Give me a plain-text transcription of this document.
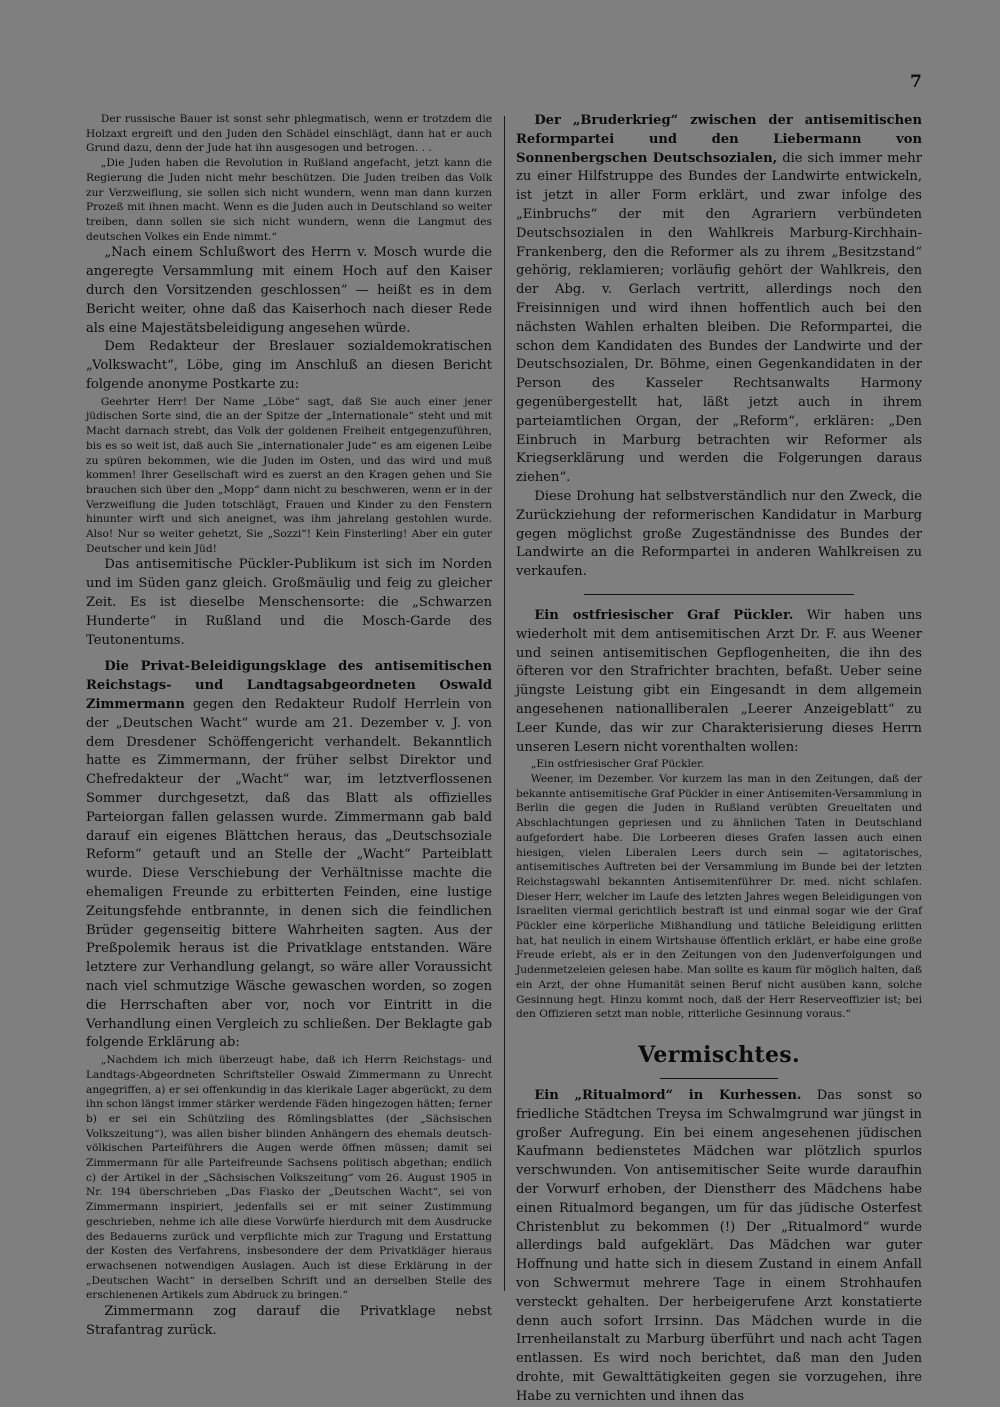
7

Der russische Bauer ist sonst sehr phlegmatisch, wenn er trotzdem die Holzaxt ergreift und den Juden den Schädel einschlägt, dann hat er auch Grund dazu, denn der Jude hat ihn ausgesogen und betrogen. . .

„Die Juden haben die Revolution in Rußland angefacht, jetzt kann die Regierung die Juden nicht mehr beschützen. Die Juden treiben das Volk zur Verzweiflung, sie sollen sich nicht wundern, wenn man dann kurzen Prozeß mit ihnen macht. Wenn es die Juden auch in Deutschland so weiter treiben, dann sollen sie sich nicht wundern, wenn die Langmut des deutschen Volkes ein Ende nimmt.“

„Nach einem Schlußwort des Herrn v. Mosch wurde die angeregte Versammlung mit einem Hoch auf den Kaiser durch den Vorsitzenden geschlossen“ — heißt es in dem Bericht weiter, ohne daß das Kaiserhoch nach dieser Rede als eine Majestätsbeleidigung angesehen würde.

Dem Redakteur der Breslauer sozialdemokratischen „Volkswacht“, Löbe, ging im Anschluß an diesen Bericht folgende anonyme Postkarte zu:

Geehrter Herr! Der Name „Löbe“ sagt, daß Sie auch einer jener jüdischen Sorte sind, die an der Spitze der „Internationale“ steht und mit Macht darnach strebt, das Volk der goldenen Freiheit entgegenzuführen, bis es so weit ist, daß auch Sie „internationaler Jude“ es am eigenen Leibe zu spüren bekommen, wie die Juden im Osten, und das wird und muß kommen! Ihrer Gesellschaft wird es zuerst an den Kragen gehen und Sie brauchen sich über den „Mopp“ dann nicht zu beschweren, wenn er in der Verzweiflung die Juden totschlägt, Frauen und Kinder zu den Fenstern hinunter wirft und sich aneignet, was ihm jahrelang gestohlen wurde. Also! Nur so weiter gehetzt, Sie „Sozzi“! Kein Finsterling! Aber ein guter Deutscher und kein Jüd!

Das antisemitische Pückler-Publikum ist sich im Norden und im Süden ganz gleich. Großmäulig und feig zu gleicher Zeit. Es ist dieselbe Menschensorte: die „Schwarzen Hunderte“ in Rußland und die Mosch-Garde des Teutonentums.

Die Privat-Beleidigungsklage des antisemitischen Reichstags- und Landtagsabgeordneten Oswald Zimmermann gegen den Redakteur Rudolf Herrlein von der „Deutschen Wacht“ wurde am 21. Dezember v. J. von dem Dresdener Schöffengericht verhandelt. Bekanntlich hatte es Zimmermann, der früher selbst Direktor und Chefredakteur der „Wacht“ war, im letztverflossenen Sommer durchgesetzt, daß das Blatt als offizielles Parteiorgan fallen gelassen wurde. Zimmermann gab bald darauf ein eigenes Blättchen heraus, das „Deutschsoziale Reform“ getauft und an Stelle der „Wacht“ Parteiblatt wurde. Diese Verschiebung der Verhältnisse machte die ehemaligen Freunde zu erbitterten Feinden, eine lustige Zeitungsfehde entbrannte, in denen sich die feindlichen Brüder gegenseitig bittere Wahrheiten sagten. Aus der Preßpolemik heraus ist die Privatklage entstanden. Wäre letztere zur Verhandlung gelangt, so wäre aller Voraussicht nach viel schmutzige Wäsche gewaschen worden, so zogen die Herrschaften aber vor, noch vor Eintritt in die Verhandlung einen Vergleich zu schließen. Der Beklagte gab folgende Erklärung ab:

„Nachdem ich mich überzeugt habe, daß ich Herrn Reichstags- und Landtags-Abgeordneten Schriftsteller Oswald Zimmermann zu Unrecht angegriffen, a) er sei offenkundig in das klerikale Lager abgerückt, zu dem ihn schon längst immer stärker werdende Fäden hingezogen hätten; ferner b) er sei ein Schützling des Römlingsblattes (der „Sächsischen Volkszeitung“), was allen bisher blinden Anhängern des ehemals deutsch-völkischen Parteiführers die Augen werde öffnen müssen; damit sei Zimmermann für alle Parteifreunde Sachsens politisch abgethan; endlich c) der Artikel in der „Sächsischen Volkszeitung“ vom 26. August 1905 in Nr. 194 überschrieben „Das Fiasko der „Deutschen Wacht“, sei von Zimmermann inspiriert, jedenfalls sei er mit seiner Zustimmung geschrieben, nehme ich alle diese Vorwürfe hierdurch mit dem Ausdrucke des Bedauerns zurück und verpflichte mich zur Tragung und Erstattung der Kosten des Verfahrens, insbesondere der dem Privatkläger hieraus erwachsenen notwendigen Auslagen. Auch ist diese Erklärung in der „Deutschen Wacht“ in derselben Schrift und an derselben Stelle des erschienenen Artikels zum Abdruck zu bringen.“

Zimmermann zog darauf die Privatklage nebst Strafantrag zurück.

Der „Bruderkrieg“ zwischen der antisemitischen Reformpartei und den Liebermann von Sonnenbergschen Deutschsozialen, die sich immer mehr zu einer Hilfstruppe des Bundes der Landwirte entwickeln, ist jetzt in aller Form erklärt, und zwar infolge des „Einbruchs“ der mit den Agrariern verbündeten Deutschsozialen in den Wahlkreis Marburg-Kirchhain-Frankenberg, den die Reformer als zu ihrem „Besitzstand“ gehörig, reklamieren; vorläufig gehört der Wahlkreis, den der Abg. v. Gerlach vertritt, allerdings noch den Freisinnigen und wird ihnen hoffentlich auch bei den nächsten Wahlen erhalten bleiben. Die Reformpartei, die schon dem Kandidaten des Bundes der Landwirte und der Deutschsozialen, Dr. Böhme, einen Gegenkandidaten in der Person des Kasseler Rechtsanwalts Harmony gegenübergestellt hat, läßt jetzt auch in ihrem parteiamtlichen Organ, der „Reform“, erklären: „Den Einbruch in Marburg betrachten wir Reformer als Kriegserklärung und werden die Folgerungen daraus ziehen“.

Diese Drohung hat selbstverständlich nur den Zweck, die Zurückziehung der reformerischen Kandidatur in Marburg gegen möglichst große Zugeständnisse des Bundes der Landwirte an die Reformpartei in anderen Wahlkreisen zu verkaufen.

Ein ostfriesischer Graf Pückler. Wir haben uns wiederholt mit dem antisemitischen Arzt Dr. F. aus Weener und seinen antisemitischen Gepflogenheiten, die ihn des öfteren vor den Strafrichter brachten, befaßt. Ueber seine jüngste Leistung gibt ein Eingesandt in dem allgemein angesehenen nationalliberalen „Leerer Anzeigeblatt“ zu Leer Kunde, das wir zur Charakterisierung dieses Herrn unseren Lesern nicht vorenthalten wollen:

„Ein ostfriesischer Graf Pückler.

Weener, im Dezember. Vor kurzem las man in den Zeitungen, daß der bekannte antisemitische Graf Pückler in einer Antisemiten-Versammlung in Berlin die gegen die Juden in Rußland verübten Greueltaten und Abschlachtungen gepriesen und zu ähnlichen Taten in Deutschland aufgefordert habe. Die Lorbeeren dieses Grafen lassen auch einen hiesigen, vielen Liberalen Leers durch sein — agitatorisches, antisemitisches Auftreten bei der Versammlung im Bunde bei der letzten Reichstagswahl bekannten Antisemitenführer Dr. med. nicht schlafen. Dieser Herr, welcher im Laufe des letzten Jahres wegen Beleidigungen von Israeliten viermal gerichtlich bestraft ist und einmal sogar wie der Graf Pückler eine körperliche Mißhandlung und tätliche Beleidigung erlitten hat, hat neulich in einem Wirtshause öffentlich erklärt, er habe eine große Freude erlebt, als er in den Zeitungen von den Judenverfolgungen und Judenmetzeleien gelesen habe. Man sollte es kaum für möglich halten, daß ein Arzt, der ohne Humanität seinen Beruf nicht ausüben kann, solche Gesinnung hegt. Hinzu kommt noch, daß der Herr Reserveoffizier ist; bei den Offizieren setzt man noble, ritterliche Gesinnung voraus.“

Vermischtes.

Ein „Ritualmord“ in Kurhessen. Das sonst so friedliche Städtchen Treysa im Schwalmgrund war jüngst in großer Aufregung. Ein bei einem angesehenen jüdischen Kaufmann bedienstetes Mädchen war plötzlich spurlos verschwunden. Von antisemitischer Seite wurde daraufhin der Vorwurf erhoben, der Dienstherr des Mädchens habe einen Ritualmord begangen, um für das jüdische Osterfest Christenblut zu bekommen (!) Der „Ritualmord“ wurde allerdings bald aufgeklärt. Das Mädchen war guter Hoffnung und hatte sich in diesem Zustand in einem Anfall von Schwermut mehrere Tage in einem Strohhaufen versteckt gehalten. Der herbeigerufene Arzt konstatierte denn auch sofort Irrsinn. Das Mädchen wurde in die Irrenheilanstalt zu Marburg überführt und nach acht Tagen entlassen. Es wird noch berichtet, daß man den Juden drohte, mit Gewalttätigkeiten gegen sie vorzugehen, ihre Habe zu vernichten und ihnen das
